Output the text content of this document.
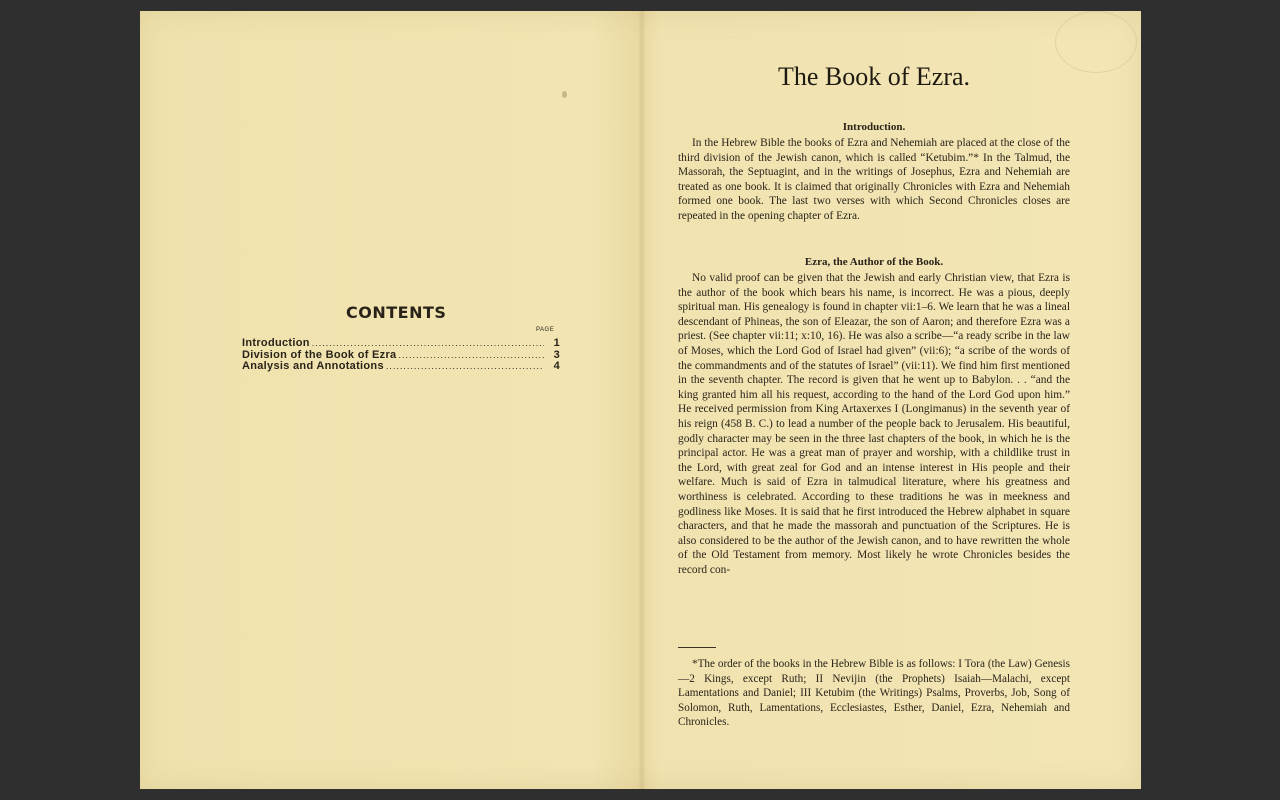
CONTENTS
PAGE
Introduction .....	1
Division of the Book of Ezra .....	3
Analysis and Annotations .....	4
The Book of Ezra.
Introduction.
In the Hebrew Bible the books of Ezra and Nehemiah are placed at the close of the third division of the Jewish canon, which is called “Ketubim.”* In the Talmud, the Massorah, the Septuagint, and in the writings of Josephus, Ezra and Nehemiah are treated as one book. It is claimed that originally Chronicles with Ezra and Nehemiah formed one book. The last two verses with which Second Chronicles closes are repeated in the opening chapter of Ezra.
Ezra, the Author of the Book.
No valid proof can be given that the Jewish and early Christian view, that Ezra is the author of the book which bears his name, is incorrect. He was a pious, deeply spiritual man. His genealogy is found in chapter vii:1–6. We learn that he was a lineal descendant of Phineas, the son of Eleazar, the son of Aaron; and therefore Ezra was a priest. (See chapter vii:11; x:10, 16). He was also a scribe—“a ready scribe in the law of Moses, which the Lord God of Israel had given” (vii:6); “a scribe of the words of the commandments and of the statutes of Israel” (vii:11). We find him first mentioned in the seventh chapter. The record is given that he went up to Babylon. . . “and the king granted him all his request, according to the hand of the Lord God upon him.” He received permission from King Artaxerxes I (Longimanus) in the seventh year of his reign (458 B. C.) to lead a number of the people back to Jerusalem. His beautiful, godly character may be seen in the three last chapters of the book, in which he is the principal actor. He was a great man of prayer and worship, with a childlike trust in the Lord, with great zeal for God and an intense interest in His people and their welfare. Much is said of Ezra in talmudical literature, where his greatness and worthiness is celebrated. According to these traditions he was in meekness and godliness like Moses. It is said that he first introduced the Hebrew alphabet in square characters, and that he made the massorah and punctuation of the Scriptures. He is also considered to be the author of the Jewish canon, and to have rewritten the whole of the Old Testament from memory. Most likely he wrote Chronicles besides the record con-
*The order of the books in the Hebrew Bible is as follows: I Tora (the Law) Genesis—2 Kings, except Ruth; II Nevijin (the Prophets) Isaiah—Malachi, except Lamentations and Daniel; III Ketubim (the Writings) Psalms, Proverbs, Job, Song of Solomon, Ruth, Lamentations, Ecclesiastes, Esther, Daniel, Ezra, Nehemiah and Chronicles.
